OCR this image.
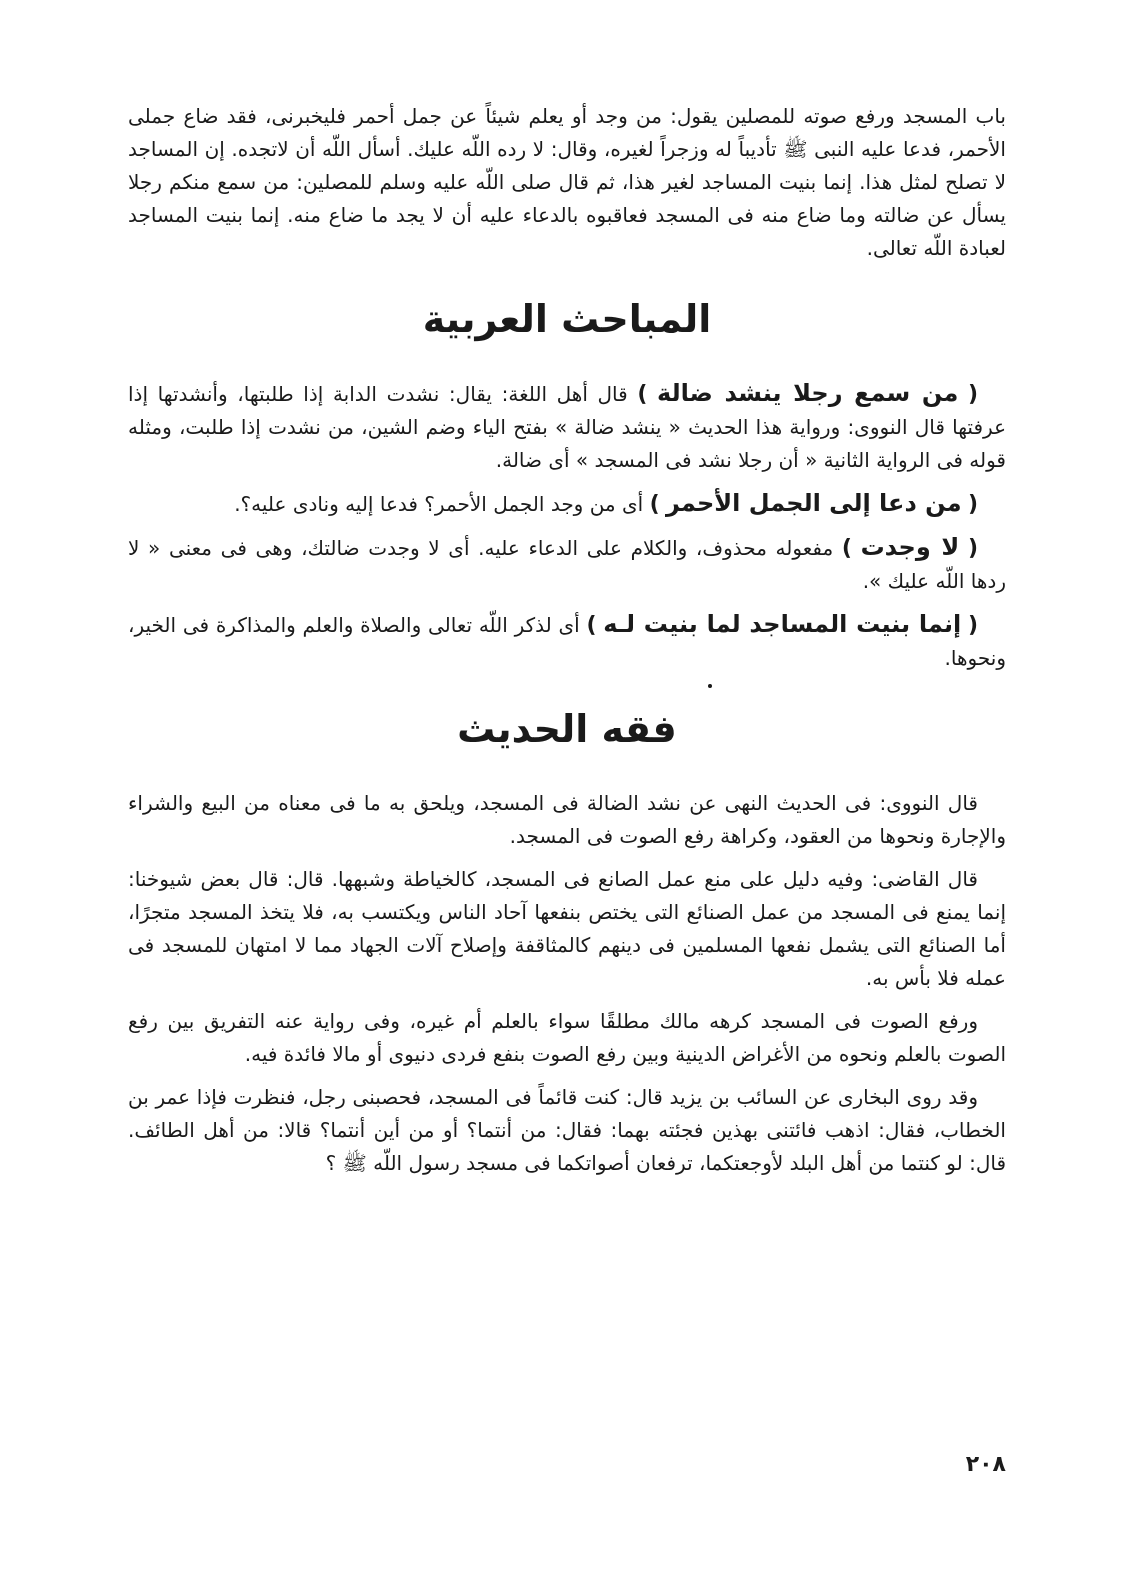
باب المسجد ورفع صوته للمصلين يقول: من وجد أو يعلم شيئاً عن جمل أحمر فليخبرنى، فقد ضاع جملى الأحمر، فدعا عليه النبى ﷺ تأديباً له وزجراً لغيره، وقال: لا رده اللّه عليك. أسأل اللّه أن لاتجده. إن المساجد لا تصلح لمثل هذا. إنما بنيت المساجد لغير هذا، ثم قال صلى اللّه عليه وسلم للمصلين: من سمع منكم رجلا يسأل عن ضالته وما ضاع منه فى المسجد فعاقبوه بالدعاء عليه أن لا يجد ما ضاع منه. إنما بنيت المساجد لعبادة اللّه تعالى.

المباحث العربية

( من سمع رجلا ينشد ضالة ) قال أهل اللغة: يقال: نشدت الدابة إذا طلبتها، وأنشدتها إذا عرفتها قال النووى: ورواية هذا الحديث « ينشد ضالة » بفتح الياء وضم الشين، من نشدت إذا طلبت، ومثله قوله فى الرواية الثانية « أن رجلا نشد فى المسجد » أى ضالة.

( من دعا إلى الجمل الأحمر ) أى من وجد الجمل الأحمر؟ فدعا إليه ونادى عليه؟.

( لا وجدت ) مفعوله محذوف، والكلام على الدعاء عليه. أى لا وجدت ضالتك، وهى فى معنى « لا ردها اللّه عليك ».

( إنما بنيت المساجد لما بنيت لـه ) أى لذكر اللّه تعالى والصلاة والعلم والمذاكرة فى الخير، ونحوها.

فقه الحديث

قال النووى: فى الحديث النهى عن نشد الضالة فى المسجد، ويلحق به ما فى معناه من البيع والشراء والإجارة ونحوها من العقود، وكراهة رفع الصوت فى المسجد.

قال القاضى: وفيه دليل على منع عمل الصانع فى المسجد، كالخياطة وشبهها. قال: قال بعض شيوخنا: إنما يمنع فى المسجد من عمل الصنائع التى يختص بنفعها آحاد الناس ويكتسب به، فلا يتخذ المسجد متجرًا، أما الصنائع التى يشمل نفعها المسلمين فى دينهم كالمثاقفة وإصلاح آلات الجهاد مما لا امتهان للمسجد فى عمله فلا بأس به.

ورفع الصوت فى المسجد كرهه مالك مطلقًا سواء بالعلم أم غيره، وفى رواية عنه التفريق بين رفع الصوت بالعلم ونحوه من الأغراض الدينية وبين رفع الصوت بنفع فردى دنيوى أو مالا فائدة فيه.

وقد روى البخارى عن السائب بن يزيد قال: كنت قائماً فى المسجد، فحصبنى رجل، فنظرت فإذا عمر بن الخطاب، فقال: اذهب فائتنى بهذين فجئته بهما: فقال: من أنتما؟ أو من أين أنتما؟ قالا: من أهل الطائف. قال: لو كنتما من أهل البلد لأوجعتكما، ترفعان أصواتكما فى مسجد رسول اللّه ﷺ ؟

٢٠٨
